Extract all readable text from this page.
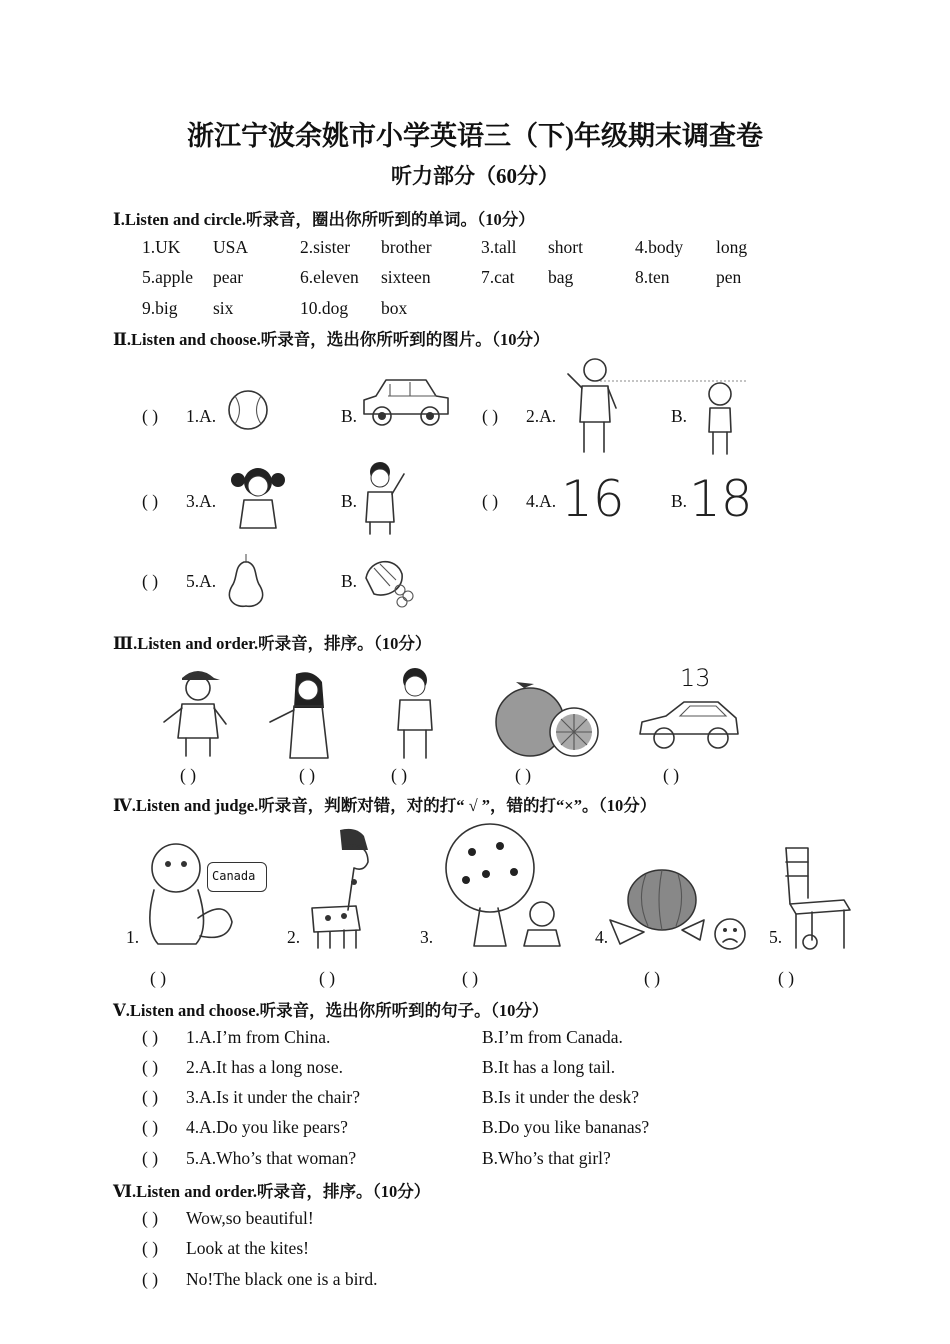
浙江宁波余姚市小学英语三（下)年级期末调查卷
听力部分（60分）
Ⅰ.Listen and circle.听录音，圈出你所听到的单词。（10分）
1.UK USA	2.sister brother	3.tall short	4.body long
5.apple pear	6.eleven sixteen	7.cat bag	8.ten	pen
9.big six	10.dog box
Ⅱ.Listen and choose.听录音，选出你所听到的图片。（10分）
( ) 1.A.	B.	( ) 2.A.	B.
( ) 3.A.	B.	( ) 4.A. 16	B. 18
( ) 5.A.	B.
Ⅲ.Listen and order.听录音，排序。（10分）
13
( )	( )	( )	( )	( )
Ⅳ.Listen and judge.听录音，判断对错，对的打“ √ ”，错的打“×”。（10分）
1.
Canada
2.	3.	4.	5.
( )	( )	( )	( )	( )
Ⅴ.Listen and choose.听录音，选出你所听到的句子。（10分）
( ) 1.A.I’m from China.	B.I’m from Canada.
( ) 2.A.It has a long nose.	B.It has a long tail.
( ) 3.A.Is it under the chair?	B.Is it under the desk?
( ) 4.A.Do you like pears?	B.Do you like bananas?
( ) 5.A.Who’s that woman?	B.Who’s that girl?
Ⅵ.Listen and order.听录音，排序。（10分）
( ) Wow,so beautiful!
( ) Look at the kites!
( ) No!The black one is a bird.
